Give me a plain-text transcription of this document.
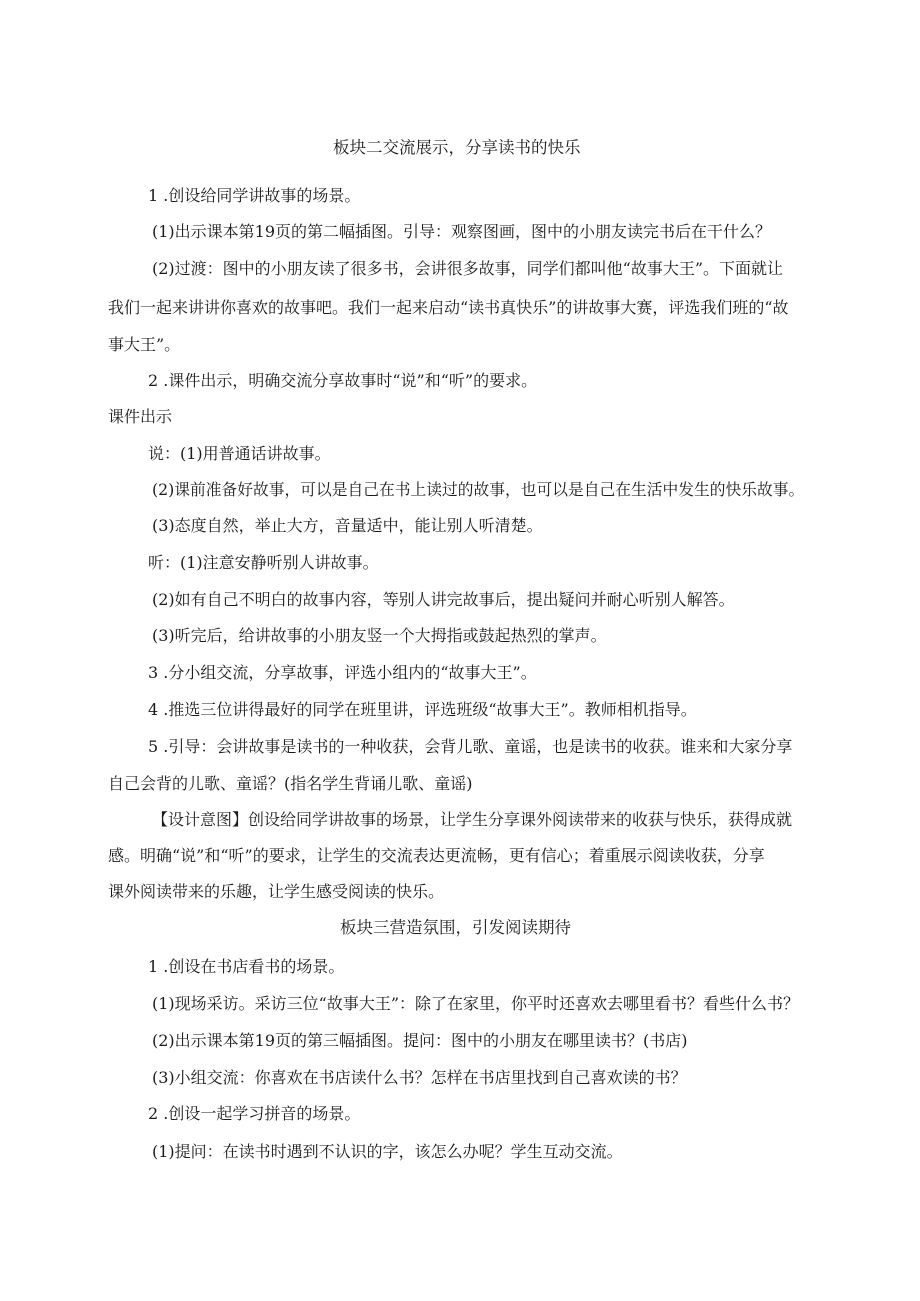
板块二交流展示，分享读书的快乐
1 .创设给同学讲故事的场景。
(1)出示课本第19页的第二幅插图。引导：观察图画，图中的小朋友读完书后在干什么？
(2)过渡：图中的小朋友读了很多书，会讲很多故事，同学们都叫他“故事大王”。下面就让
我们一起来讲讲你喜欢的故事吧。我们一起来启动“读书真快乐”的讲故事大赛，评选我们班的“故
事大王”。
2 .课件出示，明确交流分享故事时“说”和“听”的要求。
课件出示
说：(1)用普通话讲故事。
(2)课前准备好故事，可以是自己在书上读过的故事，也可以是自己在生活中发生的快乐故事。
(3)态度自然，举止大方，音量适中，能让别人听清楚。
听：(1)注意安静听别人讲故事。
(2)如有自己不明白的故事内容，等别人讲完故事后，提出疑问并耐心听别人解答。
(3)听完后，给讲故事的小朋友竖一个大拇指或鼓起热烈的掌声。
3 .分小组交流，分享故事，评选小组内的“故事大王”。
4 .推选三位讲得最好的同学在班里讲，评选班级“故事大王”。教师相机指导。
5 .引导：会讲故事是读书的一种收获，会背儿歌、童谣，也是读书的收获。谁来和大家分享
自己会背的儿歌、童谣？(指名学生背诵儿歌、童谣)
【设计意图】创设给同学讲故事的场景，让学生分享课外阅读带来的收获与快乐，获得成就
感。明确“说”和“听”的要求，让学生的交流表达更流畅，更有信心；着重展示阅读收获，分享
课外阅读带来的乐趣，让学生感受阅读的快乐。
板块三营造氛围，引发阅读期待
1 .创设在书店看书的场景。
(1)现场采访。采访三位“故事大王”：除了在家里，你平时还喜欢去哪里看书？看些什么书？
(2)出示课本第19页的第三幅插图。提问：图中的小朋友在哪里读书？(书店)
(3)小组交流：你喜欢在书店读什么书？怎样在书店里找到自己喜欢读的书？
2 .创设一起学习拼音的场景。
(1)提问：在读书时遇到不认识的字，该怎么办呢？学生互动交流。
